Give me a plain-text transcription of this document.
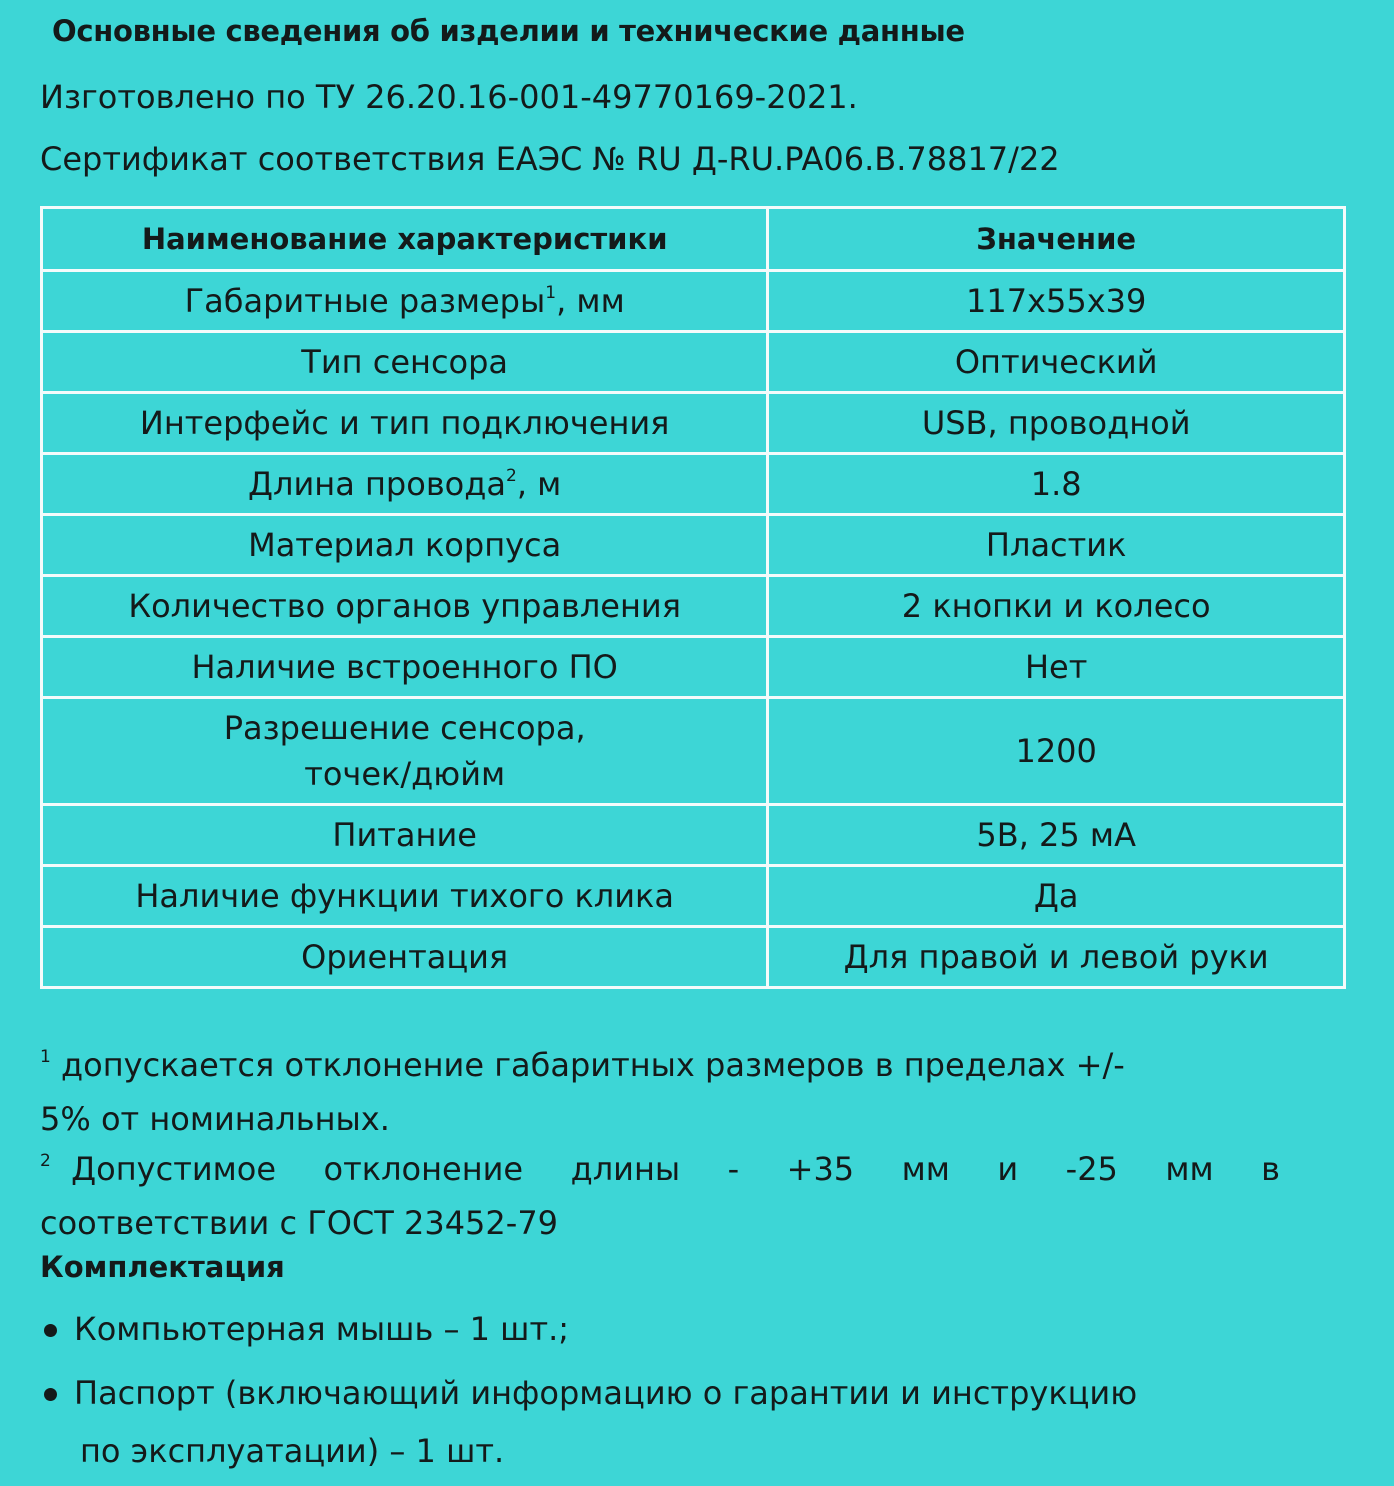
Основные сведения об изделии и технические данные
Изготовлено по ТУ 26.20.16-001-49770169-2021.
Сертификат соответствия ЕАЭС № RU Д-RU.PA06.B.78817/22
Наименование характеристики	Значение
Габаритные размеры$^1$, мм	117x55x39
Тип сенсора	Оптический
Интерфейс и тип подключения	USB, проводной
Длина провода$^2$, м	1.8
Материал корпуса	Пластик
Количество органов управления	2 кнопки и колесо
Наличие встроенного ПО	Нет
Разрешение сенсора,
точек/дюйм	1200
Питание	5В, 25 мА
Наличие функции тихого клика	Да
Ориентация	Для правой и левой руки
$^1$ допускается отклонение габаритных размеров в пределах +/-
5% от номинальных.
$^2$ Допустимое отклонение длины - +35 мм и -25 мм в
соответствии с ГОСТ 23452-79
Комплектация
Компьютерная мышь – 1 шт.;
Паспорт (включающий информацию о гарантии и инструкцию
по эксплуатации) – 1 шт.
